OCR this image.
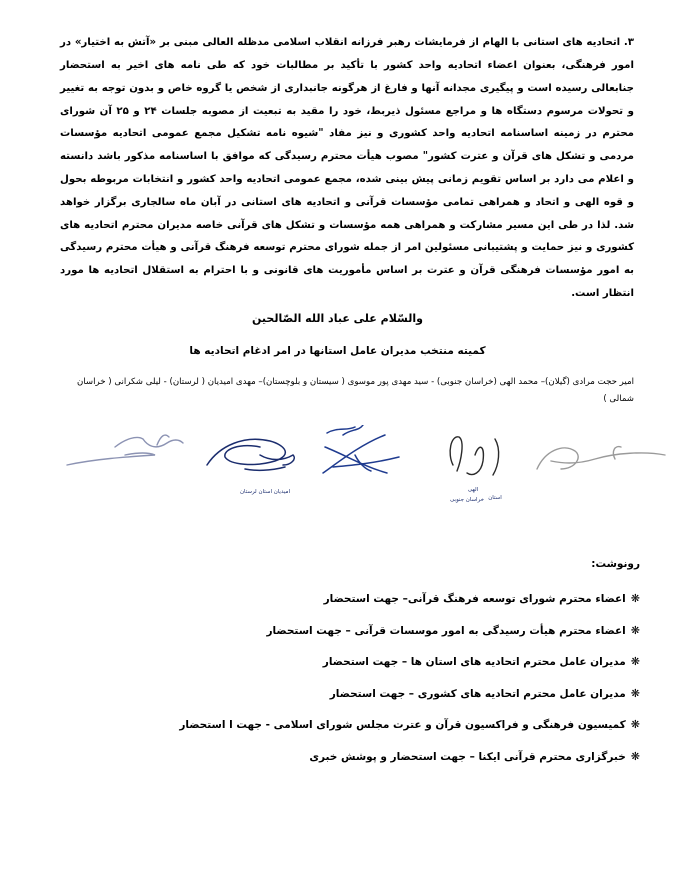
۳. اتحادیه های استانی با الهام از فرمایشات رهبر فرزانه انقلاب اسلامی مدظله العالی مبنی بر «آتش به اختیار» در امور فرهنگی، بعنوان اعضاء اتحادیه واحد کشور با تأکید بر مطالبات خود که طی نامه های اخیر به استحضار جنابعالی رسیده است و پیگیری مجدانه آنها و فارغ از هرگونه جانبداری از شخص یا گروه خاص و بدون توجه به تغییر و تحولات مرسوم دستگاه ها و مراجع مسئول ذیربط، خود را مقید به تبعیت از مصوبه جلسات ۲۴ و ۲۵ آن شورای محترم در زمینه اساسنامه اتحادیه واحد کشوری و نیز مفاد "شیوه نامه تشکیل مجمع عمومی اتحادیه مؤسسات مردمی و تشکل های قرآن و عترت کشور" مصوب هیأت محترم رسیدگی که موافق با اساسنامه مذکور باشد دانسته و اعلام می دارد بر اساس تقویم زمانی پیش بینی شده، مجمع عمومی اتحادیه واحد کشور و انتخابات مربوطه بحول و قوه الهی و اتحاد و همراهی تمامی مؤسسات قرآنی و اتحادیه های استانی در آبان ماه سالجاری برگزار خواهد شد. لذا در طی این مسیر مشارکت و همراهی همه مؤسسات و تشکل های قرآنی خاصه مدیران محترم اتحادیه های کشوری و نیز حمایت و پشتیبانی مسئولین امر از جمله شورای محترم توسعه فرهنگ قرآنی و هیأت محترم رسیدگی به امور مؤسسات فرهنگی قرآن و عترت بر اساس مأموریت های قانونی و با احترام به استقلال اتحادیه ها مورد انتظار است.

والسّلام علی عباد الله الصّالحین
کمیته منتخب مدیران عامل استانها در امر ادغام اتحادیه ها
امیر حجت مرادی (گیلان)– محمد الهی (خراسان جنوبی) - سید مهدی پور موسوی ( سیستان و بلوچستان)– مهدی امیدیان ( لرستان) - لیلی شکرانی ( خراسان شمالی )
امیدیان استان لرستان	الهی
استان
خراسان جنوبی
رونوشت:
❋اعضاء محترم شورای توسعه فرهنگ قرآنی– جهت استحضار
❋اعضاء محترم هیأت رسیدگی به امور موسسات قرآنی – جهت استحضار
❋مدیران عامل محترم اتحادیه های استان ها – جهت استحضار
❋مدیران عامل محترم اتحادیه های کشوری – جهت استحضار
❋کمیسیون فرهنگی و فراکسیون قرآن و عترت مجلس شورای اسلامی - جهت ا استحضار
❋خبرگزاری محترم قرآنی ایکنا – جهت استحضار و پوشش خبری
